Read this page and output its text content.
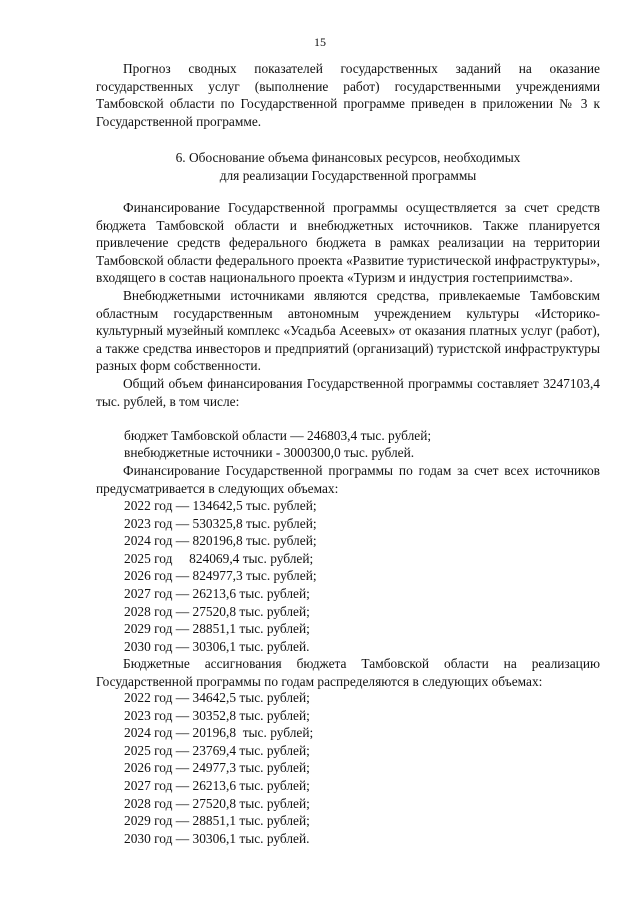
15

Прогноз сводных показателей государственных заданий на оказание государственных услуг (выполнение работ) государственными учреждениями Тамбовской области по Государственной программе приведен в приложении № 3 к Государственной программе.

6. Обоснование объема финансовых ресурсов, необходимых

для реализации Государственной программы

Финансирование Государственной программы осуществляется за счет средств бюджета Тамбовской области и внебюджетных источников. Также планируется привлечение средств федерального бюджета в рамках реализации на территории Тамбовской области федерального проекта «Развитие туристической инфраструктуры», входящего в состав национального проекта «Туризм и индустрия гостеприимства».

Внебюджетными источниками являются средства, привлекаемые Тамбовским областным государственным автономным учреждением культуры «Историко-культурный музейный комплекс «Усадьба Асеевых» от оказания платных услуг (работ), а также средства инвесторов и предприятий (организаций) туристской инфраструктуры разных форм собственности.

Общий объем финансирования Государственной программы составляет 3247103,4 тыс. рублей, в том числе:

бюджет Тамбовской области — 246803,4 тыс. рублей;
внебюджетные источники - 3000300,0 тыс. рублей.

Финансирование Государственной программы по годам за счет всех источников предусматривается в следующих объемах:

2022 год — 134642,5 тыс. рублей;
2023 год — 530325,8 тыс. рублей;
2024 год — 820196,8 тыс. рублей;
2025 год     824069,4 тыс. рублей;
2026 год — 824977,3 тыс. рублей;
2027 год — 26213,6 тыс. рублей;
2028 год — 27520,8 тыс. рублей;
2029 год — 28851,1 тыс. рублей;
2030 год — 30306,1 тыс. рублей.

Бюджетные ассигнования бюджета Тамбовской области на реализацию Государственной программы по годам распределяются в следующих объемах:

2022 год — 34642,5 тыс. рублей;
2023 год — 30352,8 тыс. рублей;
2024 год — 20196,8  тыс. рублей;
2025 год — 23769,4 тыс. рублей;
2026 год — 24977,3 тыс. рублей;
2027 год — 26213,6 тыс. рублей;
2028 год — 27520,8 тыс. рублей;
2029 год — 28851,1 тыс. рублей;
2030 год — 30306,1 тыс. рублей.
